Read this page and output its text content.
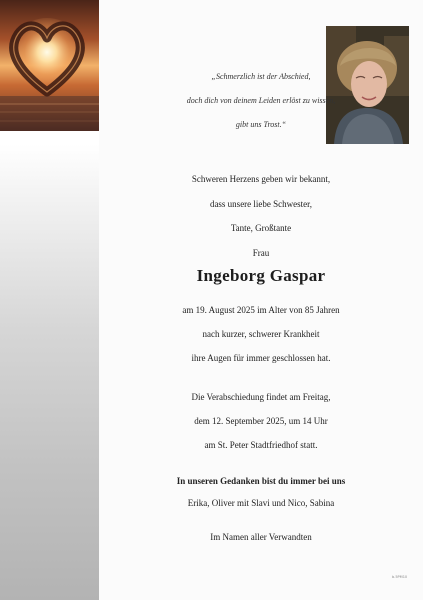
„Schmerzlich ist der Abschied,

doch dich von deinem Leiden erlöst zu wissen,

gibt uns Trost.“

Schweren Herzens geben wir bekannt,

dass unsere liebe Schwester,

Tante, Großtante

Frau

Ingeborg Gaspar

am 19. August 2025 im Alter von 85 Jahren

nach kurzer, schwerer Krankheit

ihre Augen für immer geschlossen hat.

Die Verabschiedung findet am Freitag,

dem 12. September 2025, um 14 Uhr

am St. Peter Stadtfriedhof statt.

In unseren Gedanken bist du immer bei uns

Erika, Oliver mit Slavi und Nico, Sabina

Im Namen aller Verwandten

b.5PM10
